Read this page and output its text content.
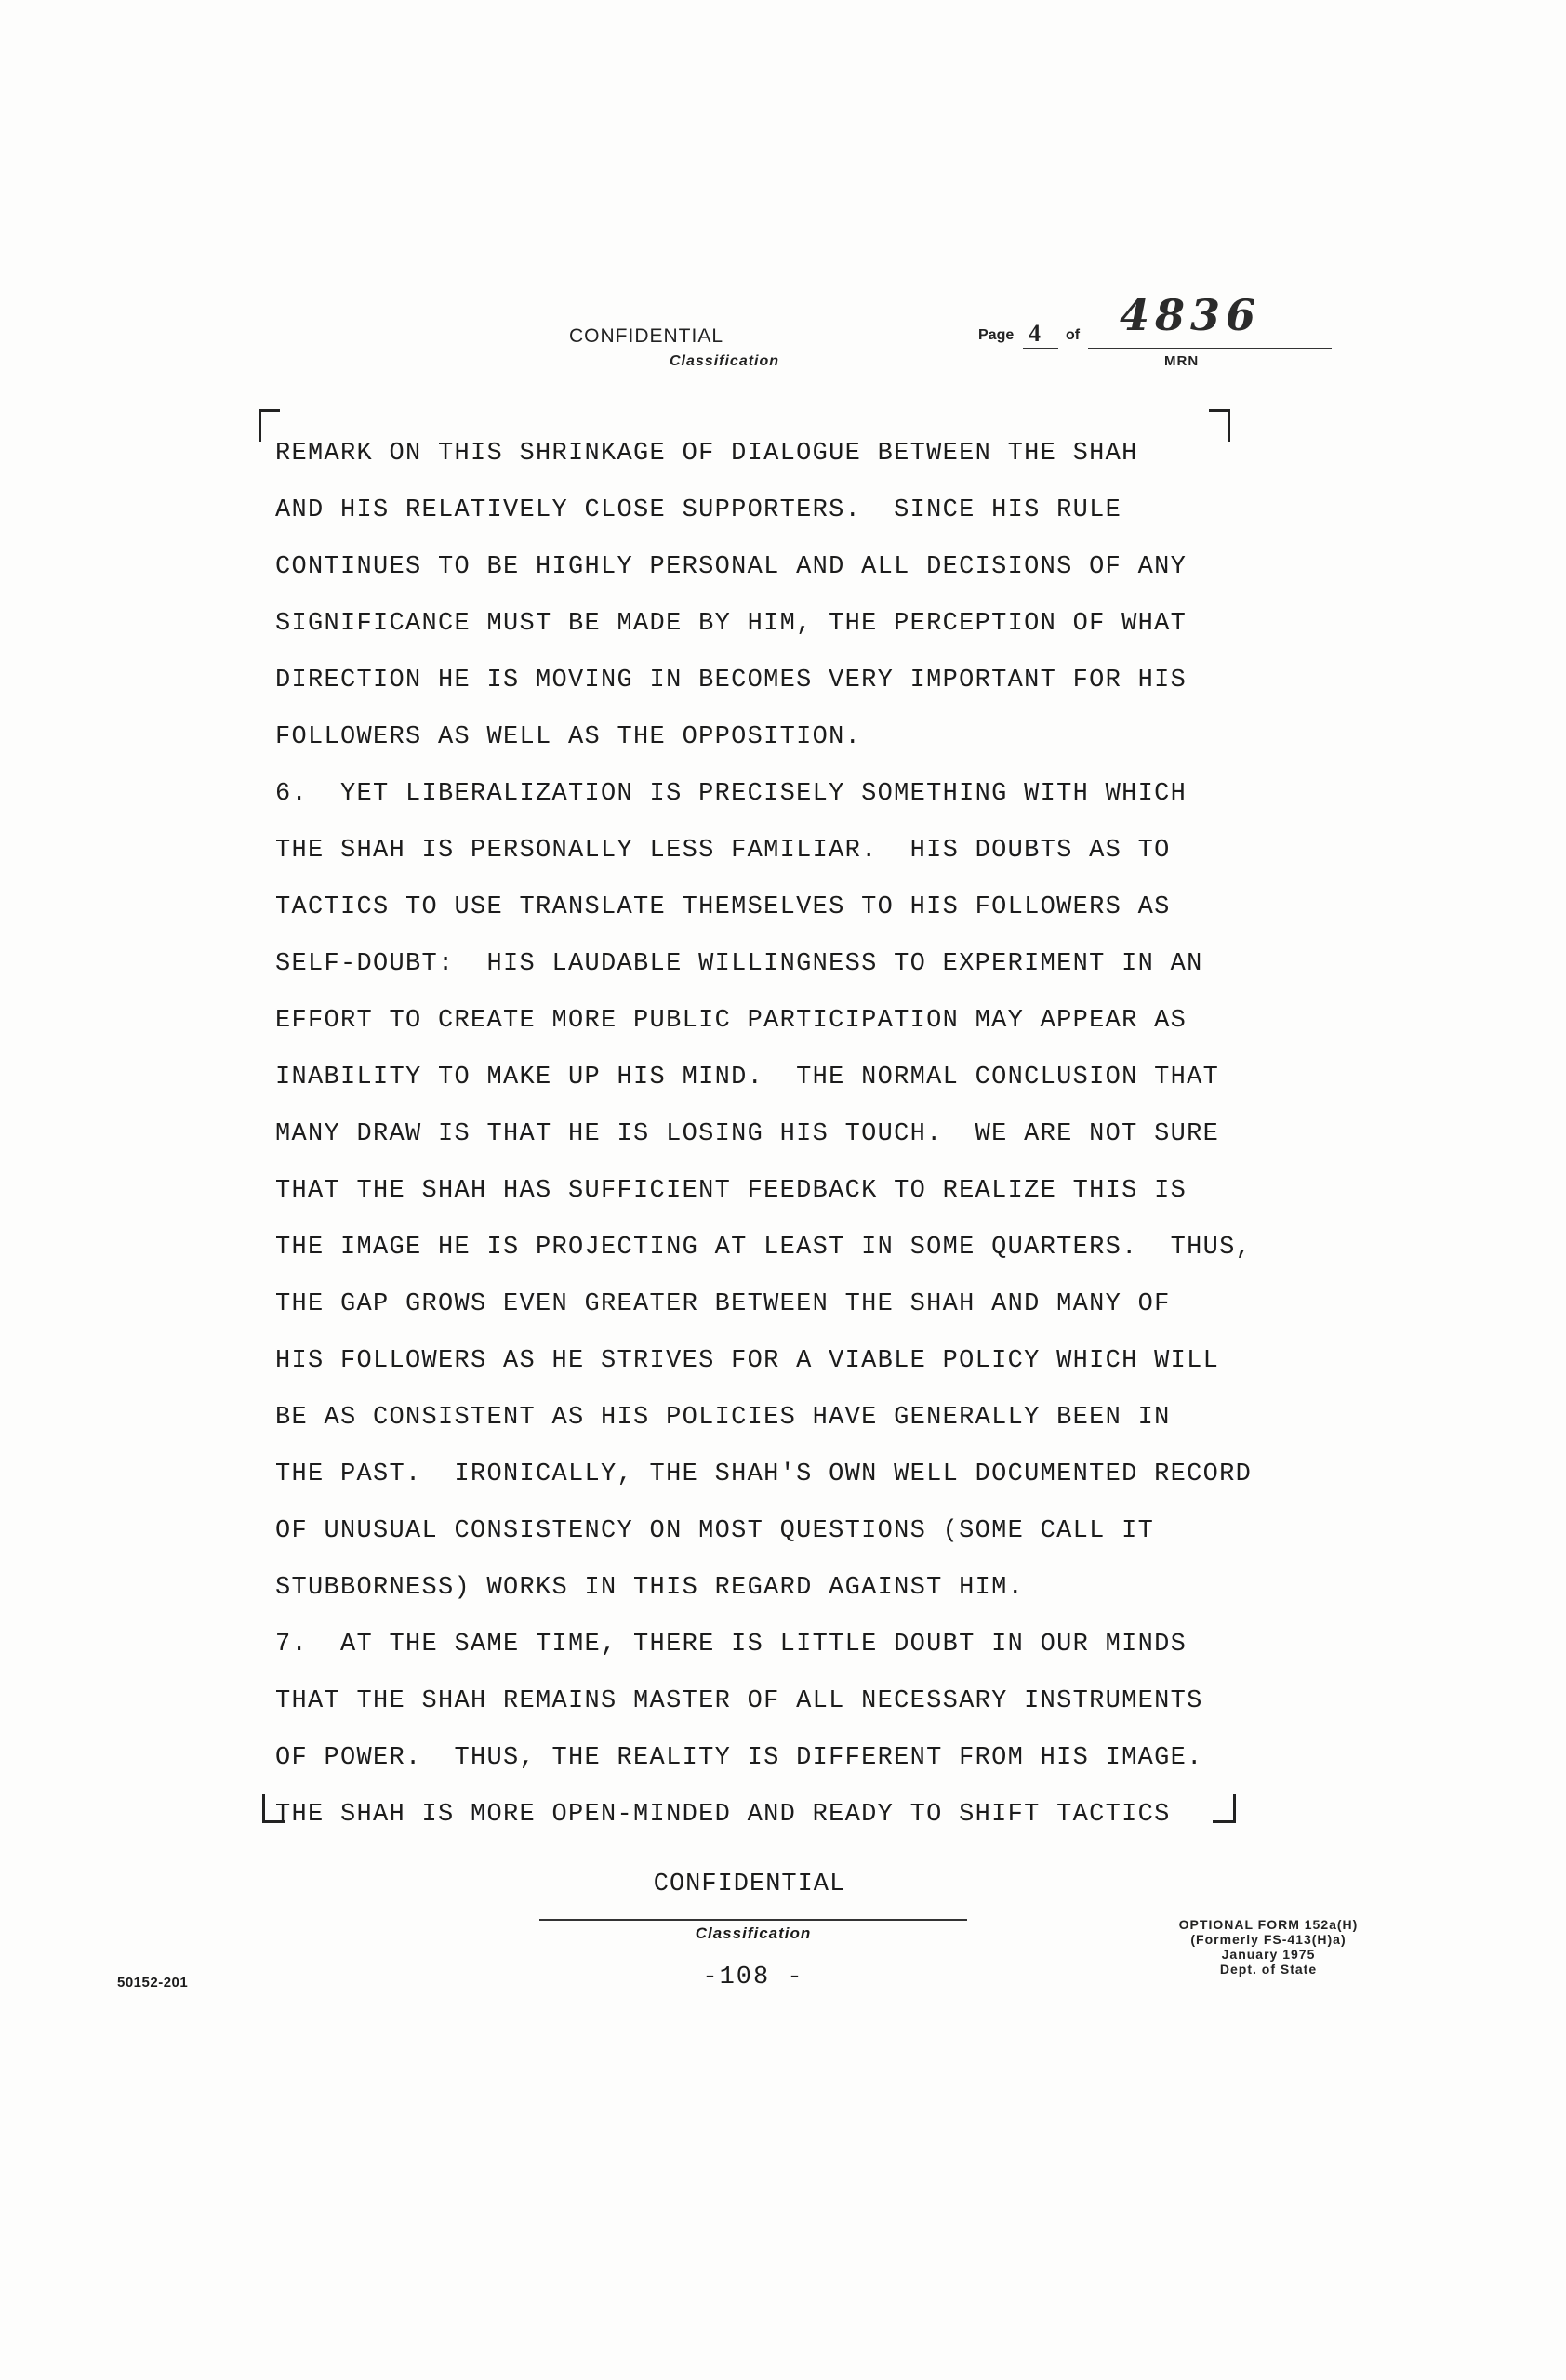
CONFIDENTIAL
Classification
Page 4 of 4836
MRN
REMARK ON THIS SHRINKAGE OF DIALOGUE BETWEEN THE SHAH
AND HIS RELATIVELY CLOSE SUPPORTERS.  SINCE HIS RULE
CONTINUES TO BE HIGHLY PERSONAL AND ALL DECISIONS OF ANY
SIGNIFICANCE MUST BE MADE BY HIM, THE PERCEPTION OF WHAT
DIRECTION HE IS MOVING IN BECOMES VERY IMPORTANT FOR HIS
FOLLOWERS AS WELL AS THE OPPOSITION.
6.  YET LIBERALIZATION IS PRECISELY SOMETHING WITH WHICH
THE SHAH IS PERSONALLY LESS FAMILIAR.  HIS DOUBTS AS TO
TACTICS TO USE TRANSLATE THEMSELVES TO HIS FOLLOWERS AS
SELF-DOUBT:  HIS LAUDABLE WILLINGNESS TO EXPERIMENT IN AN
EFFORT TO CREATE MORE PUBLIC PARTICIPATION MAY APPEAR AS
INABILITY TO MAKE UP HIS MIND.  THE NORMAL CONCLUSION THAT
MANY DRAW IS THAT HE IS LOSING HIS TOUCH.  WE ARE NOT SURE
THAT THE SHAH HAS SUFFICIENT FEEDBACK TO REALIZE THIS IS
THE IMAGE HE IS PROJECTING AT LEAST IN SOME QUARTERS.  THUS,
THE GAP GROWS EVEN GREATER BETWEEN THE SHAH AND MANY OF
HIS FOLLOWERS AS HE STRIVES FOR A VIABLE POLICY WHICH WILL
BE AS CONSISTENT AS HIS POLICIES HAVE GENERALLY BEEN IN
THE PAST.  IRONICALLY, THE SHAH'S OWN WELL DOCUMENTED RECORD
OF UNUSUAL CONSISTENCY ON MOST QUESTIONS (SOME CALL IT
STUBBORNESS) WORKS IN THIS REGARD AGAINST HIM.
7.  AT THE SAME TIME, THERE IS LITTLE DOUBT IN OUR MINDS
THAT THE SHAH REMAINS MASTER OF ALL NECESSARY INSTRUMENTS
OF POWER.  THUS, THE REALITY IS DIFFERENT FROM HIS IMAGE.
THE SHAH IS MORE OPEN-MINDED AND READY TO SHIFT TACTICS
CONFIDENTIAL
Classification
-108 -
50152-201
OPTIONAL FORM 152a(H)
(Formerly FS-413(H)a)
January 1975
Dept. of State
